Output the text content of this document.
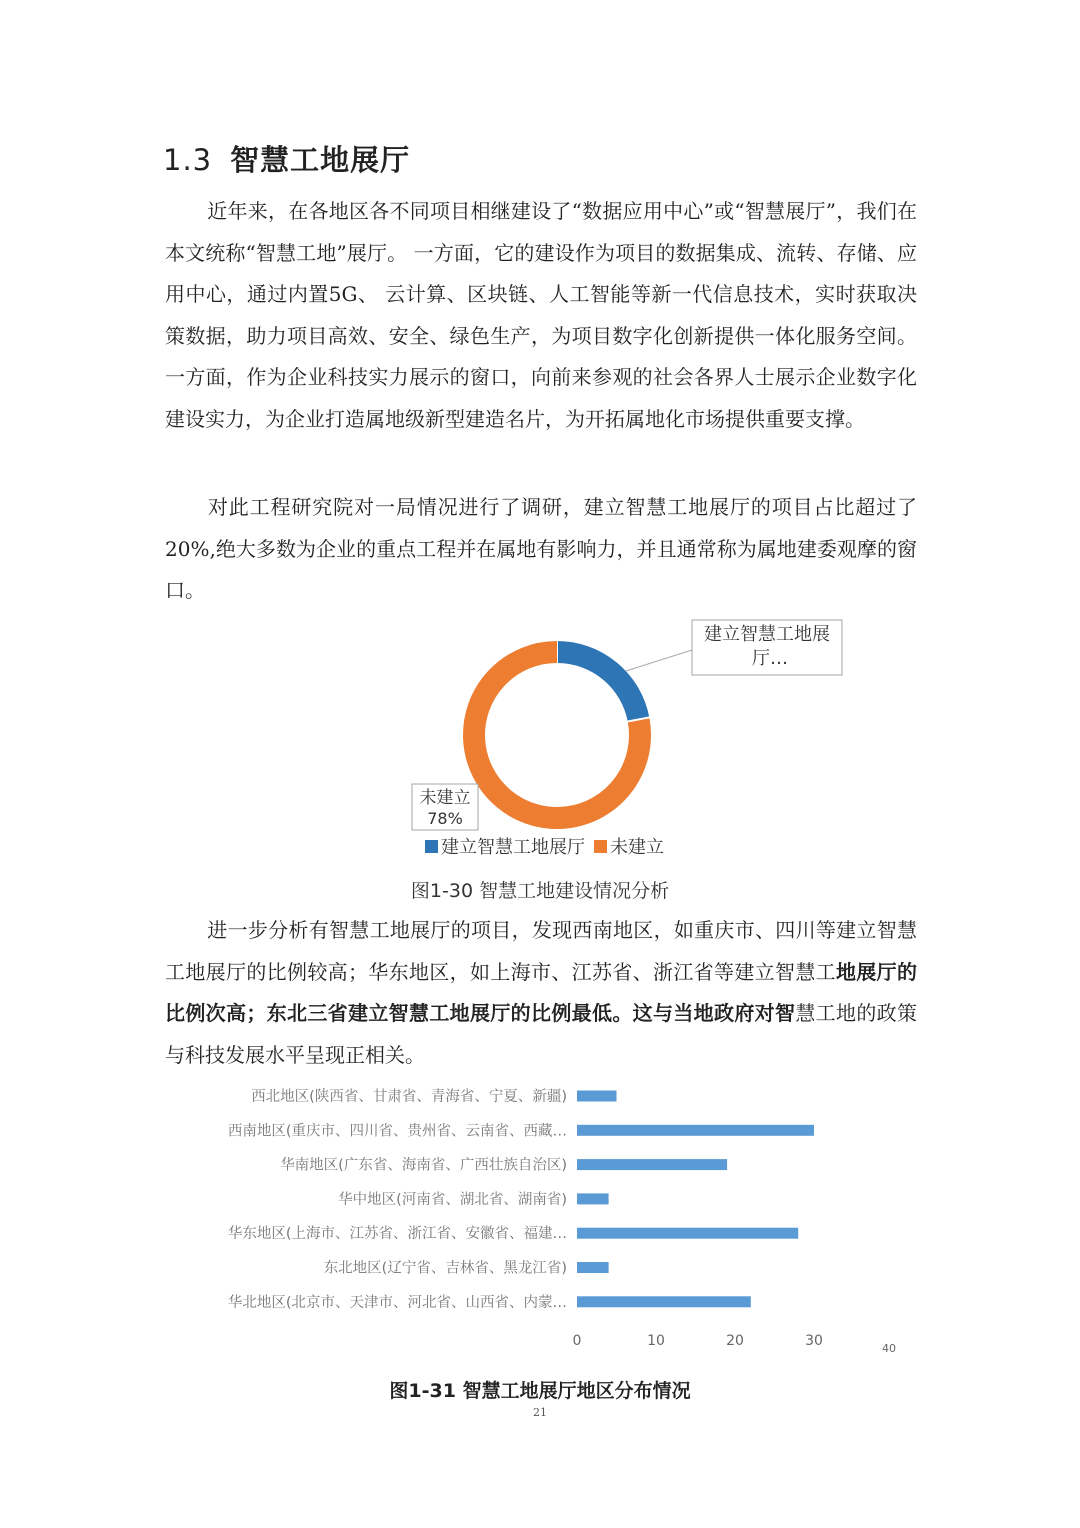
1.3 智慧工地展厅

近年来，在各地区各不同项目相继建设了“数据应用中心”或“智慧展厅”，我们在本文统称“智慧工地”展厅。 一方面，它的建设作为项目的数据集成、流转、存储、应用中心，通过内置5G、 云计算、区块链、人工智能等新一代信息技术，实时获取决策数据，助力项目高效、安全、绿色生产，为项目数字化创新提供一体化服务空间。 一方面，作为企业科技实力展示的窗口，向前来参观的社会各界人士展示企业数字化建设实力，为企业打造属地级新型建造名片，为开拓属地化市场提供重要支撑。

对此工程研究院对一局情况进行了调研，建立智慧工地展厅的项目占比超过了20%,绝大多数为企业的重点工程并在属地有影响力，并且通常称为属地建委观摩的窗口。

建立智慧工地展
厅…
未建立
78%
建立智慧工地展厅 未建立
图1-30 智慧工地建设情况分析

进一步分析有智慧工地展厅的项目，发现西南地区，如重庆市、四川等建立智慧工地展厅的比例较高；华东地区，如上海市、江苏省、浙江省等建立智慧工地展厅的比例次高；东北三省建立智慧工地展厅的比例最低。这与当地政府对智慧工地的政策与科技发展水平呈现正相关。

西北地区(陕西省、甘肃省、青海省、宁夏、新疆)
西南地区(重庆市、四川省、贵州省、云南省、西藏…
华南地区(广东省、海南省、广西壮族自治区)
华中地区(河南省、湖北省、湖南省)
华东地区(上海市、江苏省、浙江省、安徽省、福建…
东北地区(辽宁省、吉林省、黑龙江省)
华北地区(北京市、天津市、河北省、山西省、内蒙…
0	10	20	30	40
图1-31 智慧工地展厅地区分布情况
21
